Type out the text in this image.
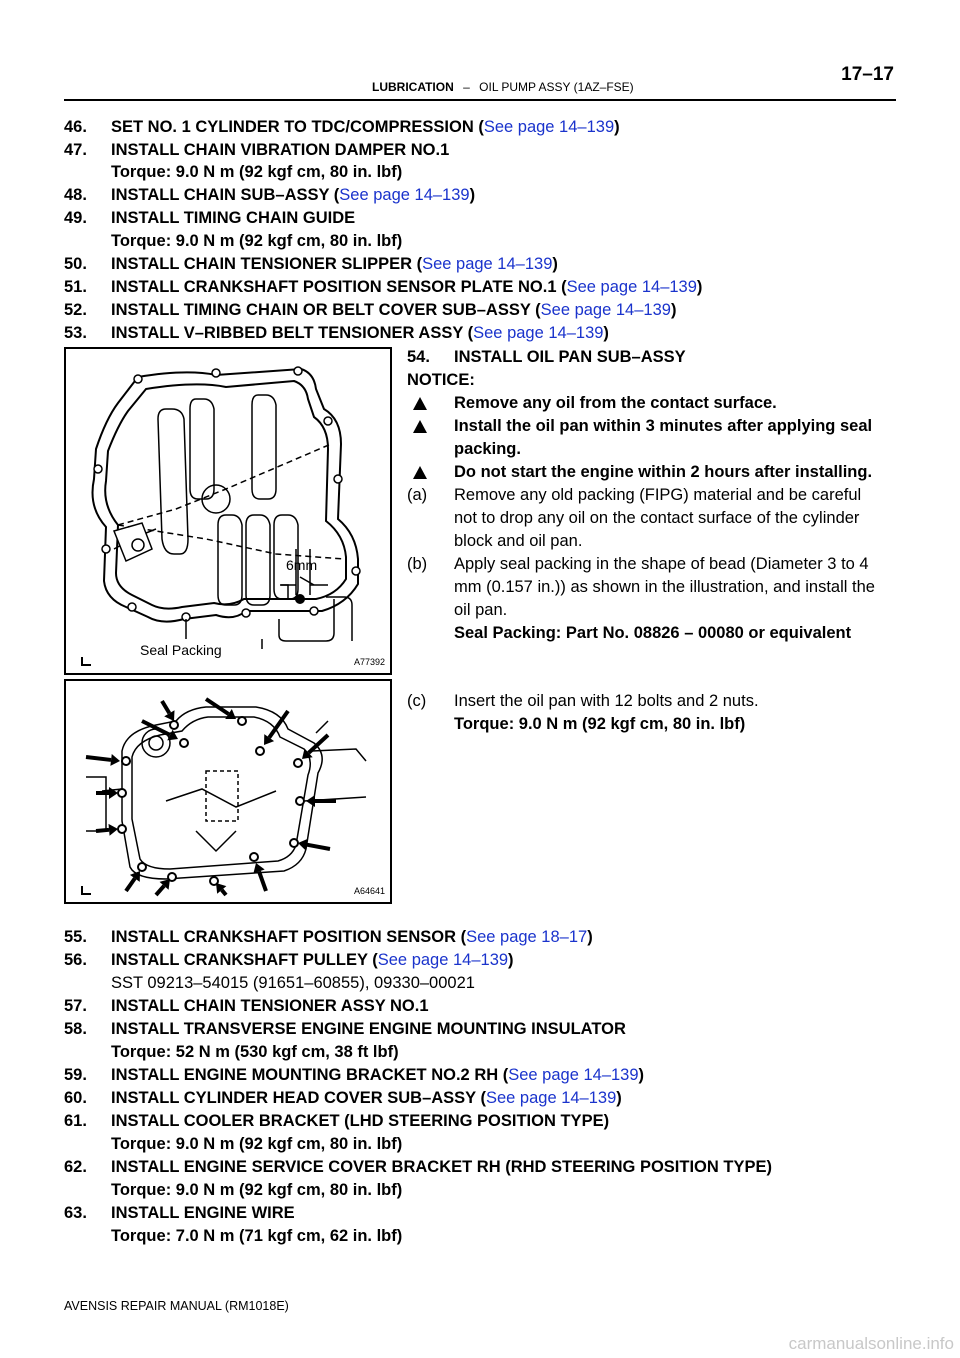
LUBRICATION – OIL PUMP ASSY (1AZ–FSE)
17–17
46. SET NO. 1 CYLINDER TO TDC/COMPRESSION (See page 14–139)
47. INSTALL CHAIN VIBRATION DAMPER NO.1
Torque: 9.0 N m (92 kgf cm, 80 in. lbf)
48. INSTALL CHAIN SUB–ASSY (See page 14–139)
49. INSTALL TIMING CHAIN GUIDE
Torque: 9.0 N m (92 kgf cm, 80 in. lbf)
50. INSTALL CHAIN TENSIONER SLIPPER (See page 14–139)
51. INSTALL CRANKSHAFT POSITION SENSOR PLATE NO.1 (See page 14–139)
52. INSTALL TIMING CHAIN OR BELT COVER SUB–ASSY (See page 14–139)
53. INSTALL V–RIBBED BELT TENSIONER ASSY (See page 14–139)
6mm
Seal Packing
A77392
54. INSTALL OIL PAN SUB–ASSY
NOTICE:
Remove any oil from the contact surface.
Install the oil pan within 3 minutes after applying seal
packing.
Do not start the engine within 2 hours after installing.
(a) Remove any old packing (FIPG) material and be careful
not to drop any oil on the contact surface of the cylinder
block and oil pan.
(b) Apply seal packing in the shape of bead (Diameter 3 to 4
mm (0.157 in.)) as shown in the illustration, and install the
oil pan.
Seal Packing: Part No. 08826 – 00080 or equivalent
(c) Insert the oil pan with 12 bolts and 2 nuts.
Torque: 9.0 N m (92 kgf cm, 80 in. lbf)
A64641
55. INSTALL CRANKSHAFT POSITION SENSOR (See page 18–17)
56. INSTALL CRANKSHAFT PULLEY (See page 14–139)
SST 09213–54015 (91651–60855), 09330–00021
57. INSTALL CHAIN TENSIONER ASSY NO.1
58. INSTALL TRANSVERSE ENGINE ENGINE MOUNTING INSULATOR
Torque: 52 N m (530 kgf cm, 38 ft lbf)
59. INSTALL ENGINE MOUNTING BRACKET NO.2 RH (See page 14–139)
60. INSTALL CYLINDER HEAD COVER SUB–ASSY (See page 14–139)
61. INSTALL COOLER BRACKET (LHD STEERING POSITION TYPE)
Torque: 9.0 N m (92 kgf cm, 80 in. lbf)
62. INSTALL ENGINE SERVICE COVER BRACKET RH (RHD STEERING POSITION TYPE)
Torque: 9.0 N m (92 kgf cm, 80 in. lbf)
63. INSTALL ENGINE WIRE
Torque: 7.0 N m (71 kgf cm, 62 in. lbf)
AVENSIS REPAIR MANUAL (RM1018E)
carmanualsonline.info
